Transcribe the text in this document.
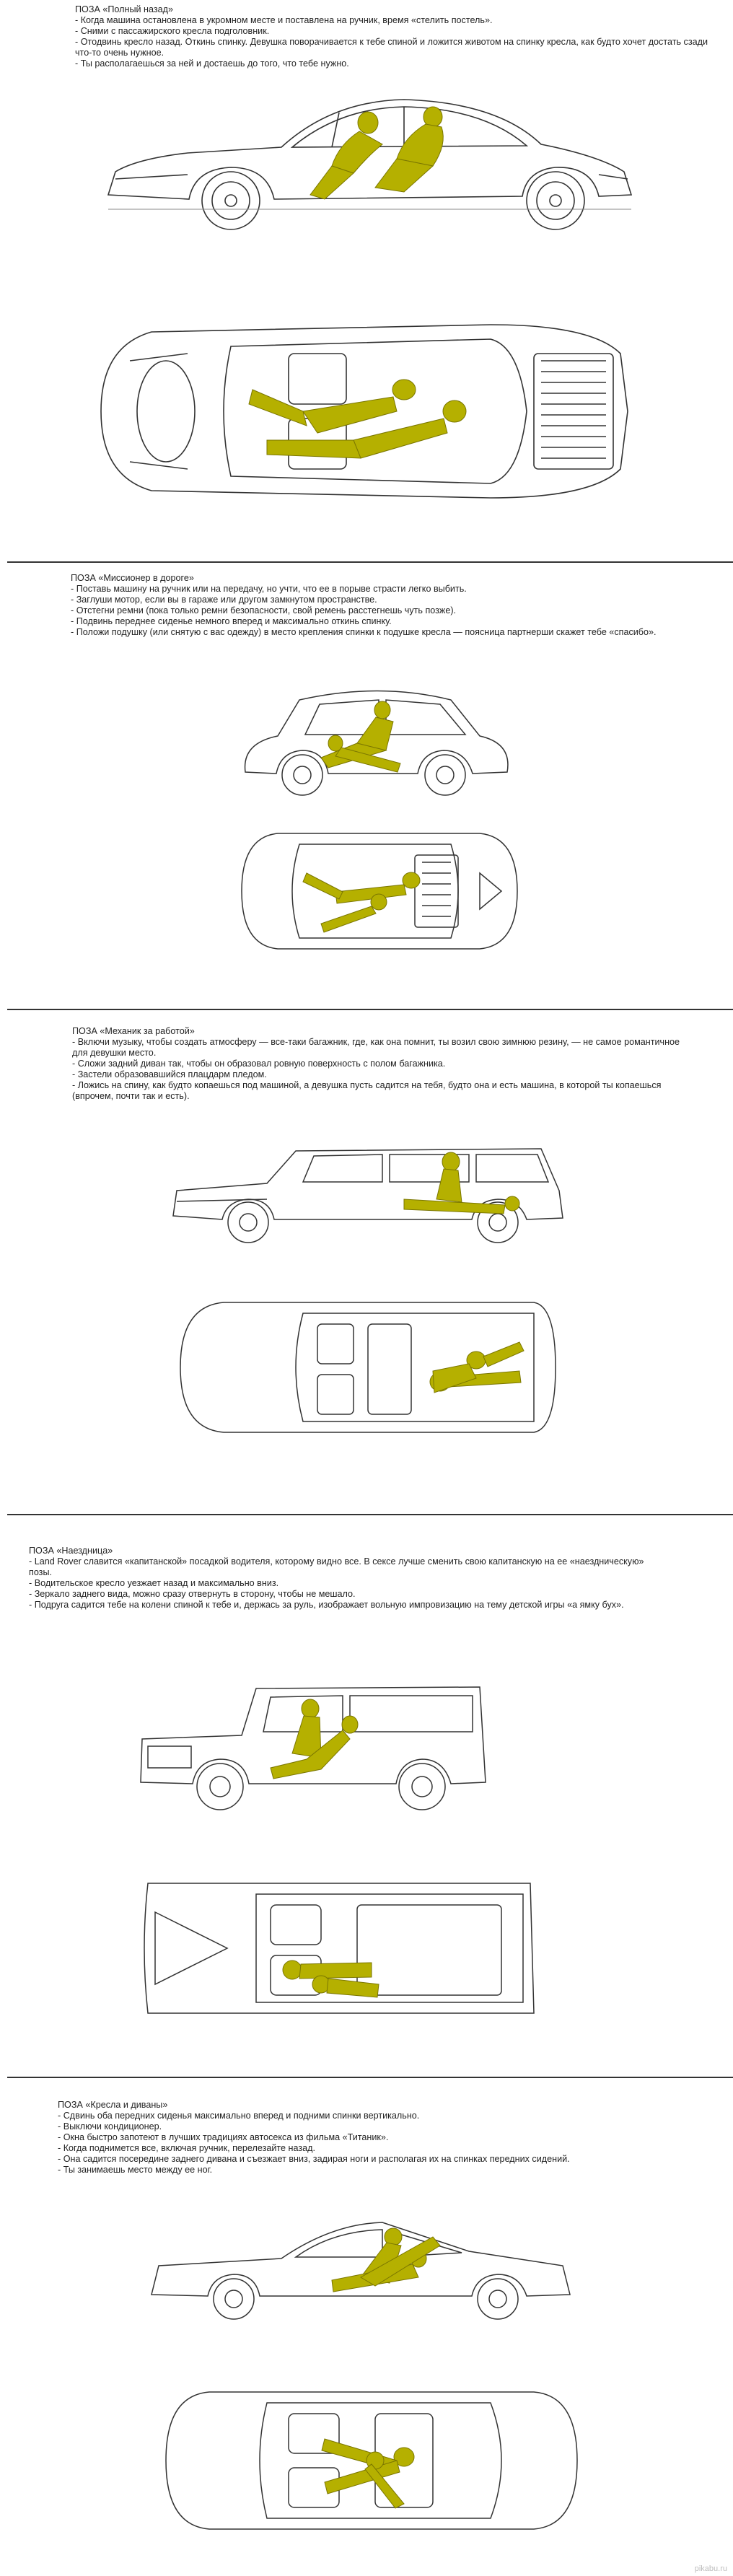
ПОЗА «Полный назад»
- Когда машина остановлена в укромном месте и поставлена на ручник, время «стелить постель».
- Сними с пассажирского кресла подголовник.
- Отодвинь кресло назад. Откинь спинку. Девушка поворачивается к тебе спиной и ложится животом на спинку кресла, как будто хочет достать сзади что-то очень нужное.
- Ты располагаешься за ней и достаешь до того, что тебе нужно.
ПОЗА «Миссионер в дороге»
- Поставь машину на ручник или на передачу, но учти, что ее в порыве страсти легко выбить.
- Заглуши мотор, если вы в гараже или другом замкнутом пространстве.
- Отстегни ремни (пока только ремни безопасности, свой ремень расстегнешь чуть позже).
- Подвинь переднее сиденье немного вперед и максимально откинь спинку.
- Положи подушку (или снятую с вас одежду) в место крепления спинки к подушке кресла — поясница партнерши скажет тебе «спасибо».
ПОЗА «Механик за работой»
- Включи музыку, чтобы создать атмосферу — все-таки багажник, где, как она помнит, ты возил свою зимнюю резину, — не самое романтичное для девушки место.
- Сложи задний диван так, чтобы он образовал ровную поверхность с полом багажника.
- Застели образовавшийся плацдарм пледом.
- Ложись на спину, как будто копаешься под машиной, а девушка пусть садится на тебя, будто она и есть машина, в которой ты копаешься (впрочем, почти так и есть).
ПОЗА «Наездница»
- Land Rover славится «капитанской» посадкой водителя, которому видно все. В сексе лучше сменить свою капитанскую на ее «наездническую» позы.
- Водительское кресло уезжает назад и максимально вниз.
- Зеркало заднего вида, можно сразу отвернуть в сторону, чтобы не мешало.
- Подруга садится тебе на колени спиной к тебе и, держась за руль, изображает вольную импровизацию на тему детской игры «а ямку бух».
ПОЗА «Кресла и диваны»
- Сдвинь оба передних сиденья максимально вперед и подними спинки вертикально.
- Выключи кондиционер.
- Окна быстро запотеют в лучших традициях автосекса из фильма «Титаник».
- Когда поднимется все, включая ручник, перелезайте назад.
- Она садится посередине заднего дивана и съезжает вниз, задирая ноги и располагая их на спинках передних сидений.
- Ты занимаешь место между ее ног.
pikabu.ru
